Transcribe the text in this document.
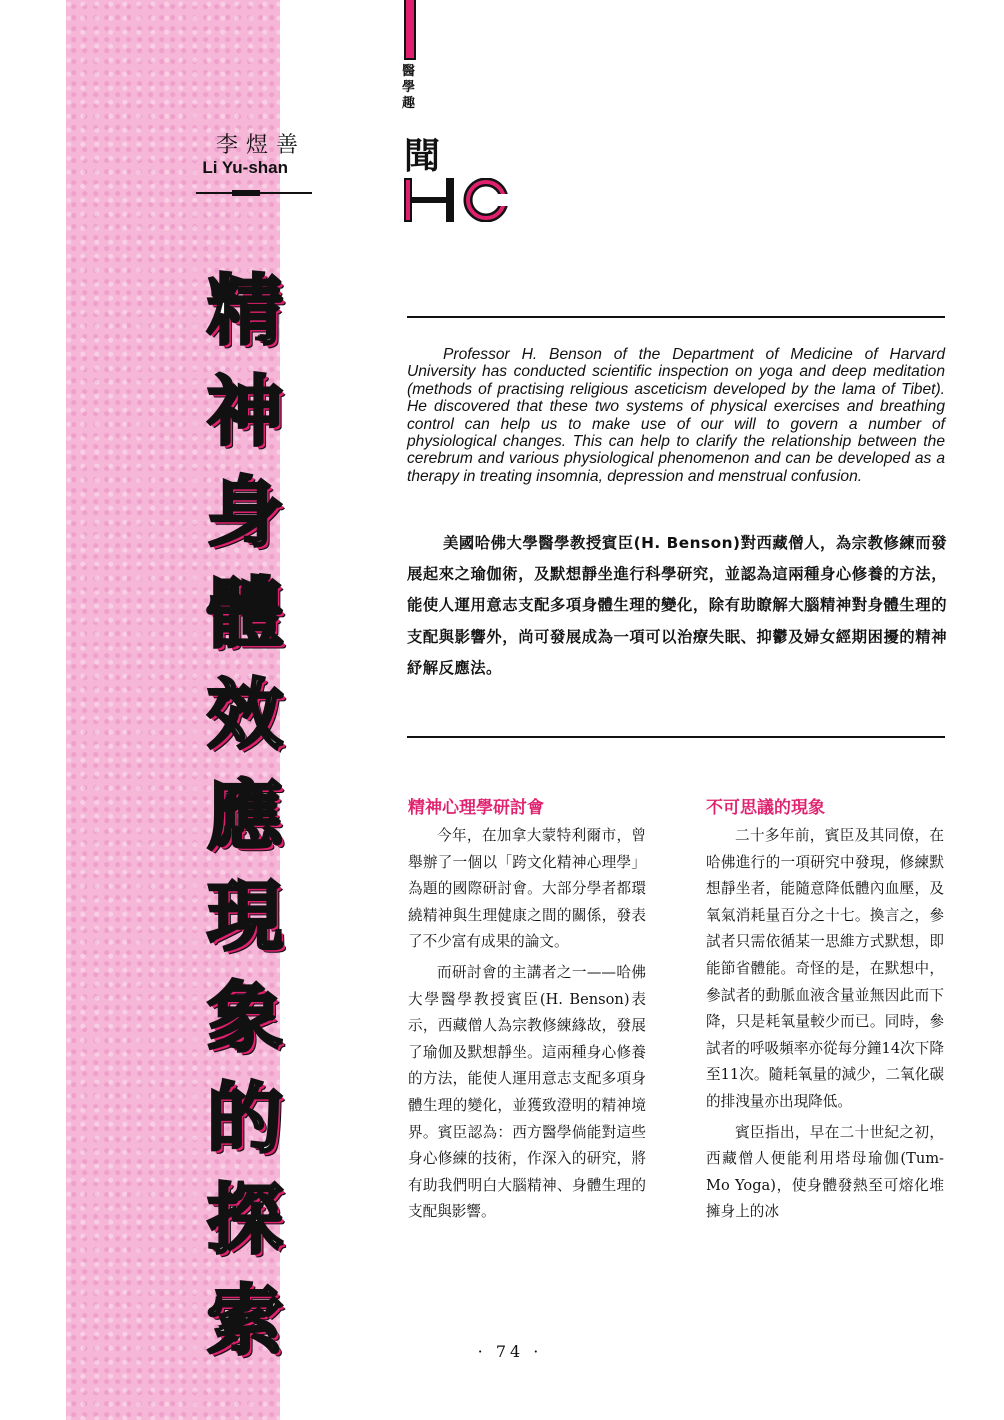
李煜善
Li Yu-shan
醫學趣
聞
精
神
身
體
效
應
現
象
的
探
索

Professor H. Benson of the Department of Medicine of Harvard University has conducted scientific inspection on yoga and deep meditation (methods of practising religious asceticism developed by the lama of Tibet). He discovered that these two systems of physical exercises and breathing control can help us to make use of our will to govern a number of physiological changes. This can help to clarify the relationship between the cerebrum and various physiological phenomenon and can be developed as a therapy in treating insomnia, depression and menstrual confusion.

美國哈佛大學醫學教授賓臣(H. Benson)對西藏僧人，為宗教修練而發展起來之瑜伽術，及默想靜坐進行科學研究，並認為這兩種身心修養的方法，能使人運用意志支配多項身體生理的變化，除有助瞭解大腦精神對身體生理的支配與影響外，尚可發展成為一項可以治療失眠、抑鬱及婦女經期困擾的精神紓解反應法。

精神心理學研討會

今年，在加拿大蒙特利爾市，曾舉辦了一個以「跨文化精神心理學」為題的國際研討會。大部分學者都環繞精神與生理健康之間的關係，發表了不少富有成果的論文。

而研討會的主講者之一——哈佛大學醫學教授賓臣(H. Benson)表示，西藏僧人為宗教修練緣故，發展了瑜伽及默想靜坐。這兩種身心修養的方法，能使人運用意志支配多項身體生理的變化，並獲致澄明的精神境界。賓臣認為：西方醫學倘能對這些身心修練的技術，作深入的研究，將有助我們明白大腦精神、身體生理的支配與影響。

不可思議的現象

二十多年前，賓臣及其同僚，在哈佛進行的一項研究中發現，修練默想靜坐者，能隨意降低體內血壓，及氧氣消耗量百分之十七。換言之，參試者只需依循某一思維方式默想，即能節省體能。奇怪的是，在默想中，參試者的動脈血液含量並無因此而下降，只是耗氧量較少而已。同時，參試者的呼吸頻率亦從每分鐘14次下降至11次。隨耗氧量的減少，二氧化碳的排洩量亦出現降低。

賓臣指出，早在二十世紀之初，西藏僧人便能利用塔母瑜伽(Tum-Mo Yoga)，使身體發熱至可熔化堆擁身上的冰

· 74 ·
